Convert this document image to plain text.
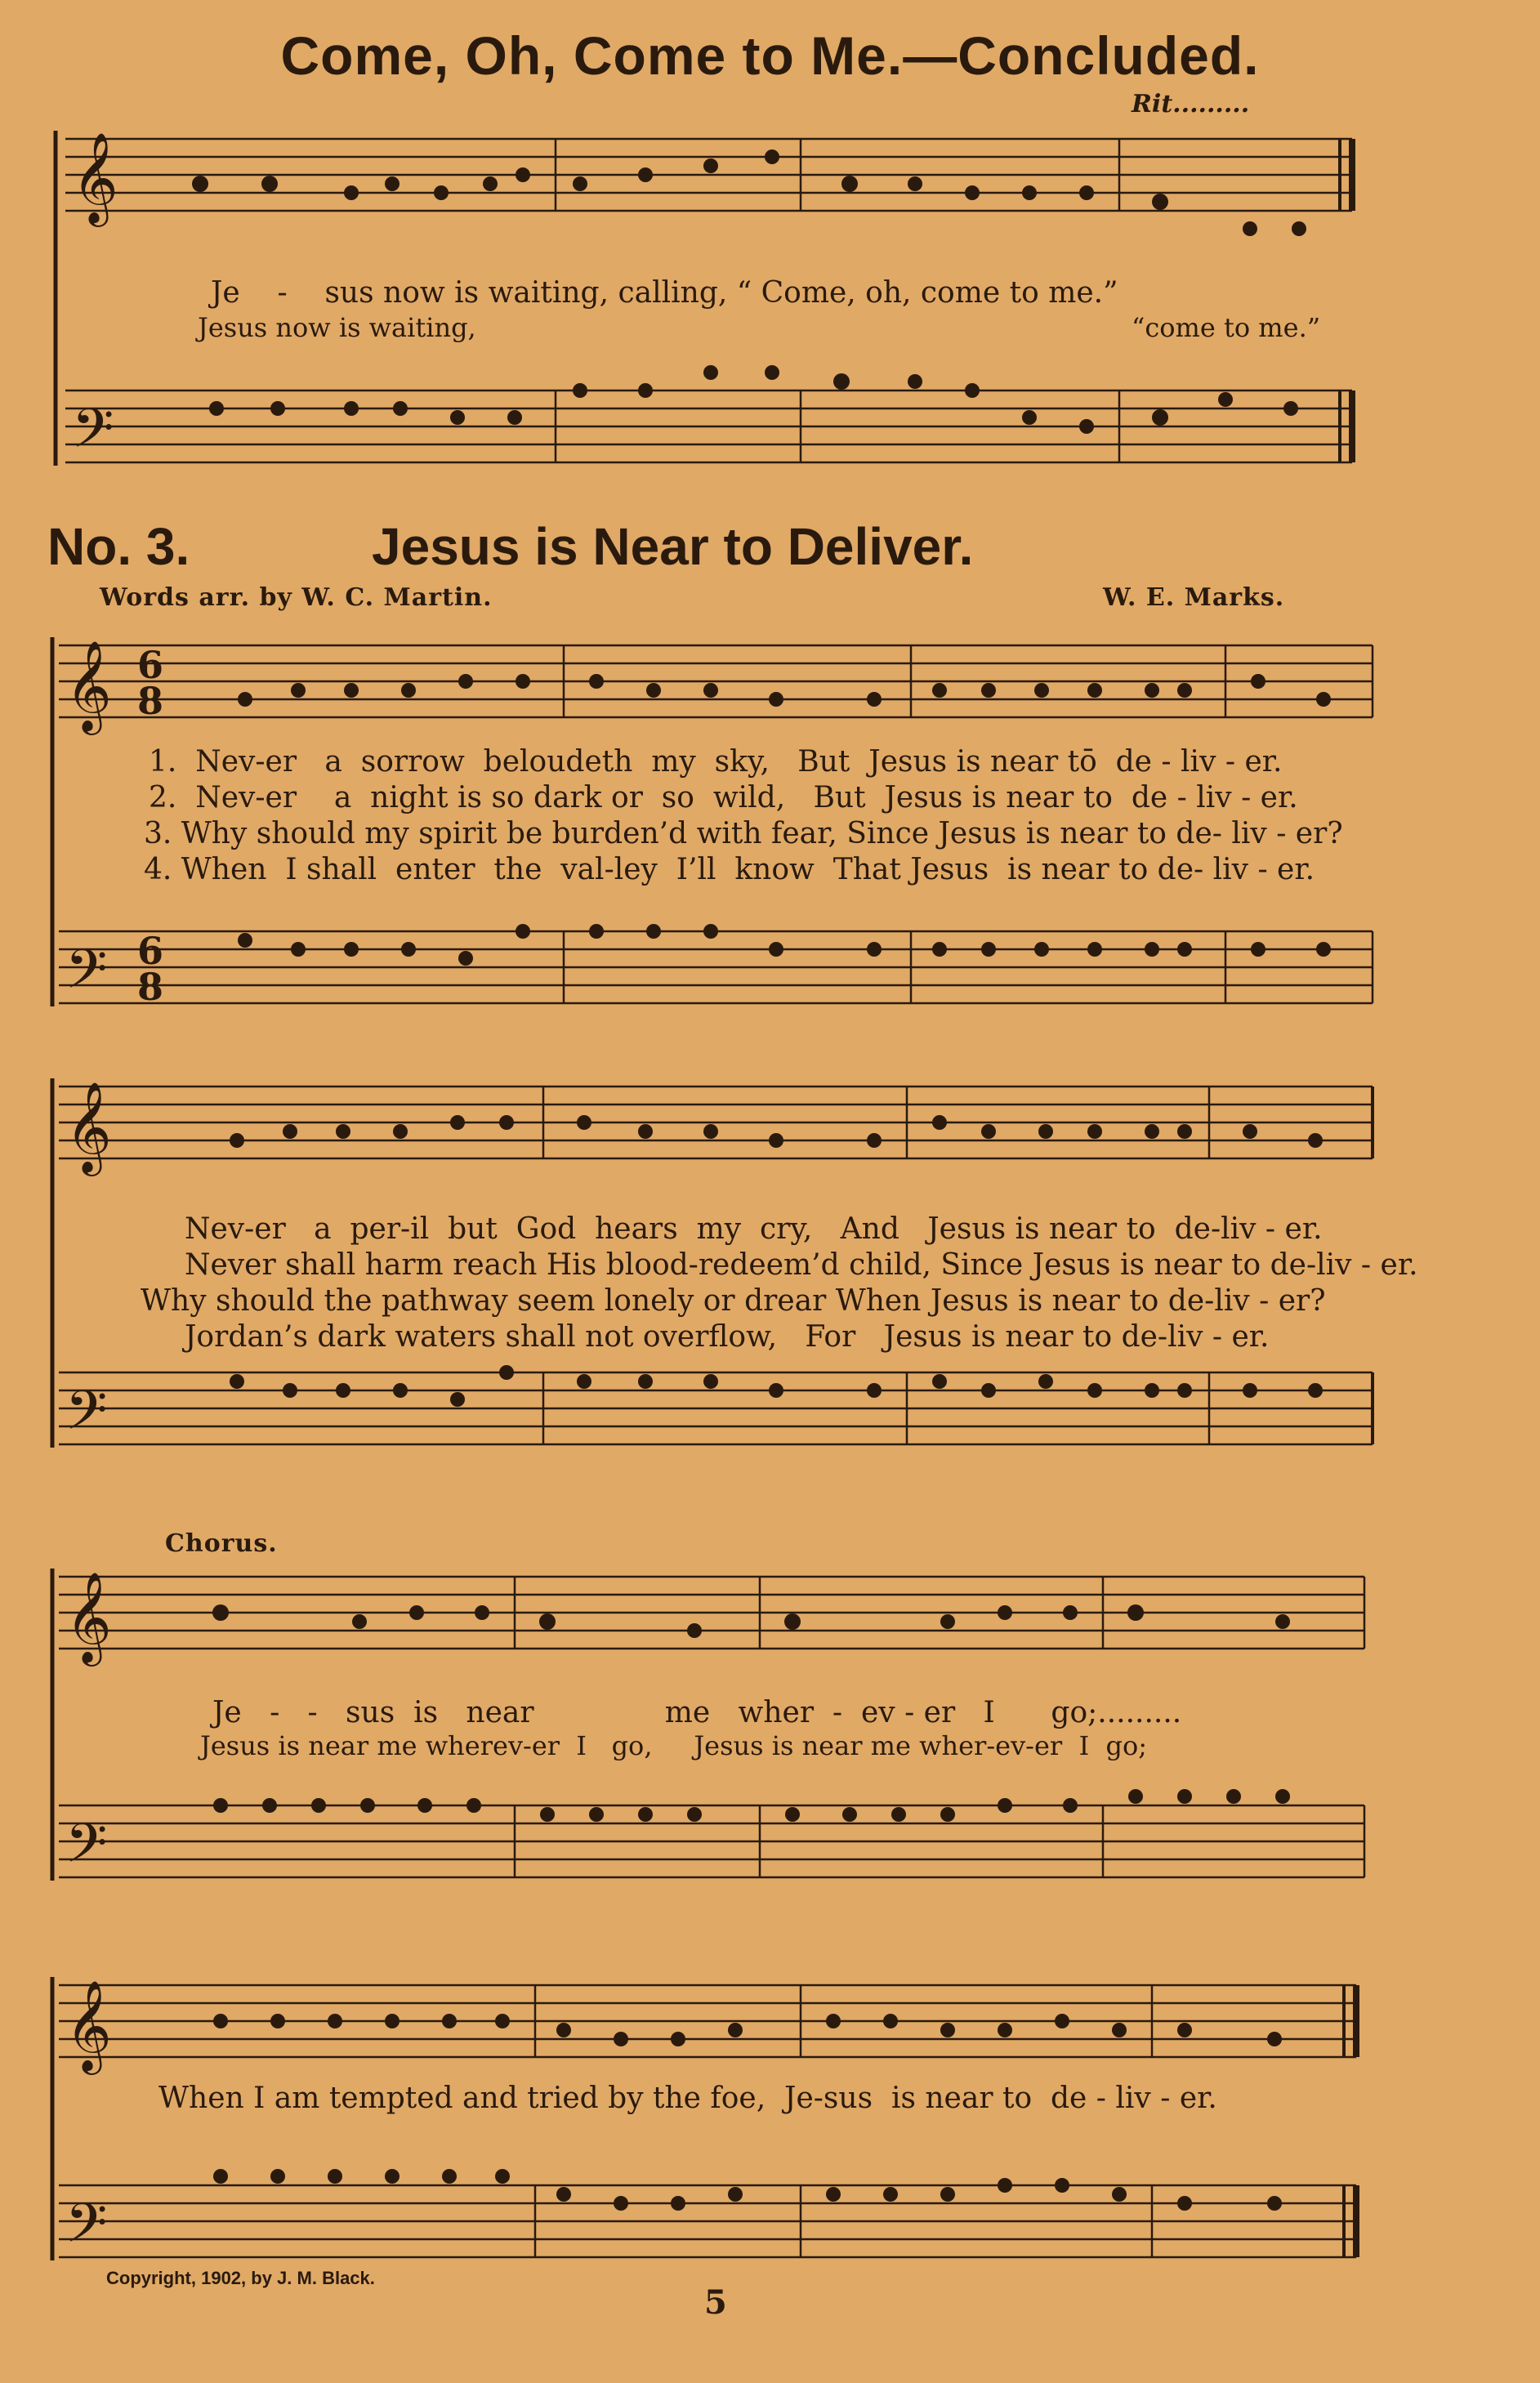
Come, Oh, Come to Me.—Concluded.
Rit.........
𝄞
𝄢
Je    -    sus now is waiting, calling, “ Come, oh, come to me.”
Jesus now is waiting,	“come to me.”
No. 3.	Jesus is Near to Deliver.
Words arr. by W. C. Martin.	W. E. Marks.
𝄞
𝄢
6
8
6
8
1.  Nev-er   a  sorrow  beloudeth  my  sky,   But  Jesus is near tō  de - liv - er.
2.  Nev-er    a  night is so dark or  so  wild,   But  Jesus is near to  de - liv - er.
3. Why should my spirit be burden’d with fear, Since Jesus is near to de- liv - er?
4. When  I shall  enter  the  val-ley  I’ll  know  That Jesus  is near to de- liv - er.
𝄞
𝄢
Nev-er   a  per-il  but  God  hears  my  cry,   And   Jesus is near to  de-liv - er.
Never shall harm reach His blood-redeem’d child, Since Jesus is near to de-liv - er.
Why should the pathway seem lonely or drear When Jesus is near to de-liv - er?
Jordan’s dark waters shall not overflow,   For   Jesus is near to de-liv - er.
Chorus.
𝄞
𝄢
Je   -   -   sus  is   near              me   wher  -  ev - er   I      go;.........
Jesus is near me wherev-er  I   go,     Jesus is near me wher-ev-er  I  go;
𝄞
𝄢
When I am tempted and tried by the foe,  Je-sus  is near to  de - liv - er.
Copyright, 1902, by J. M. Black.
5
